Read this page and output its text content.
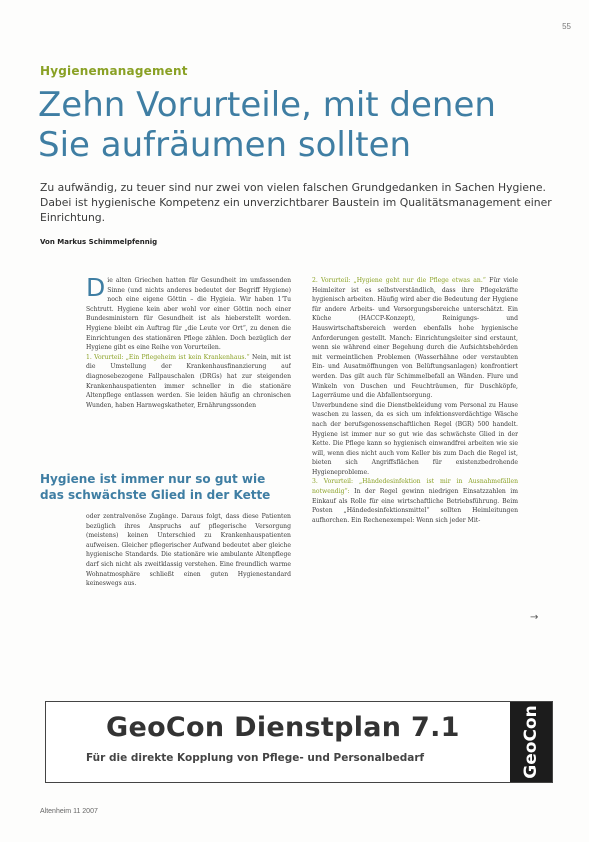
55
Hygienemanagement
Zehn Vorurteile, mit denen Sie aufräumen sollten

Zu aufwändig, zu teuer sind nur zwei von vielen falschen Grundgedanken in Sachen Hygiene. Dabei ist hygienische Kompetenz ein unverzichtbarer Baustein im Qualitätsmanagement einer Einrichtung.

Von Markus Schimmelpfennig

D ie alten Griechen hatten für Gesundheit im umfassenden Sinne (und nichts anderes bedeutet der Begriff Hygiene) noch eine eigene Göttin – die Hygieia. Wir haben 1'Tu Schtrutt. Hygiene kein aber wohl vor einer Göttin noch einer Bundesministern für Gesundheit ist als hieberstellt worden. Hygiene bleibt ein Auftrag für „die Leute vor Ort“, zu denen die Einrichtungen des stationären Pflege zählen. Doch bezüglich der Hygiene gibt es eine Reihe von Vorurteilen.

1. Vorurteil: „Ein Pflegeheim ist kein Krankenhaus.“ Nein, mit ist die Umstellung der Krankenhausfinanzierung auf diagnosebezogene Fallpauschalen (DRGs) hat zur steigenden Krankenhauspatienten immer schneller in die stationäre Altenpflege entlassen werden. Sie leiden häufig an chronischen Wunden, haben Harnwegskatheter, Ernährungssonden

Hygiene ist immer nur so gut wie das schwächste Glied in der Kette

oder zentralvenöse Zugänge. Daraus folgt, dass diese Patienten bezüglich ihres Anspruchs auf pflegerische Versorgung (meistens) keinen Unterschied zu Krankenhauspatienten aufweisen. Gleicher pflegerischer Aufwand bedeutet aber gleiche hygienische Standards. Die stationäre wie ambulante Altenpflege darf sich nicht als zweitklassig verstehen. Eine freundlich warme Wohnatmosphäre schließt einen guten Hygienestandard keineswegs aus.

2. Vorurteil: „Hygiene geht nur die Pflege etwas an.“ Für viele Heimleiter ist es selbstverständlich, dass ihre Pflegekräfte hygienisch arbeiten. Häufig wird aber die Bedeutung der Hygiene für andere Arbeits- und Versorgungsbereiche unterschätzt. Ein Küche (HACCP-Konzept), Reinigungs- und Hauswirtschaftsbereich werden ebenfalls hohe hygienische Anforderungen gestellt. Manch: Einrichtungsleiter sind erstaunt, wenn sie während einer Begehung durch die Aufsichtsbehörden mit vermeintlichen Problemen (Wasserhähne oder verstaubten Ein- und Ausatmöffnungen von Belüftungsanlagen) konfrontiert werden. Das gilt auch für Schimmelbefall an Wänden. Flure und Winkeln von Duschen und Feuchträumen, für Duschköpfe, Lagerräume und die Abfallentsorgung.

Unverbundene sind die Dienstbekleidung vom Personal zu Hause waschen zu lassen, da es sich um infektionsverdächtige Wäsche nach der berufsgenossenschaftlichen Regel (BGR) 500 handelt. Hygiene ist immer nur so gut wie das schwächste Glied in der Kette. Die Pflege kann so hygienisch einwandfrei arbeiten wie sie will, wenn dies nicht auch vom Keller bis zum Dach die Regel ist, bieten sich Angriffsflächen für existenzbedrohende Hygieneprobleme.

3. Vorurteil: „Händedesinfektion ist mir in Ausnahmefällen notwendig“: In der Regel gewinn niedrigen Einsatzzahlen im Einkauf als Rolle für eine wirtschaftliche Betriebsführung. Beim Posten „Händedesinfektionsmittel“ sollten Heimleitungen aufhorchen. Ein Rechenexempel: Wenn sich jeder Mit-

→
GeoCon Dienstplan 7.1
Für die direkte Kopplung von Pflege- und Personalbedarf	GeoCon
Altenheim 11 2007
